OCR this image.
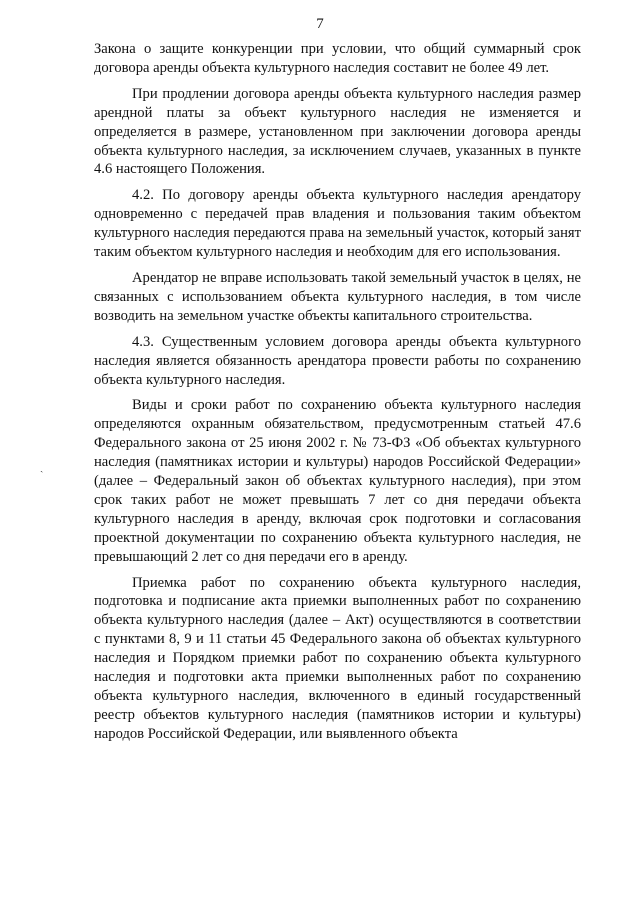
7
ˎ

Закона о защите конкуренции при условии, что общий суммарный срок договора аренды объекта культурного наследия составит не более 49 лет.

При продлении договора аренды объекта культурного наследия размер арендной платы за объект культурного наследия не изменяется и определяется в размере, установленном при заключении договора аренды объекта культурного наследия, за исключением случаев, указанных в пункте 4.6 настоящего Положения.

4.2. По договору аренды объекта культурного наследия арендатору одновременно с передачей прав владения и пользования таким объектом культурного наследия передаются права на земельный участок, который занят таким объектом культурного наследия и необходим для его использования.

Арендатор не вправе использовать такой земельный участок в целях, не связанных с использованием объекта культурного наследия, в том числе возводить на земельном участке объекты капитального строительства.

4.3. Существенным условием договора аренды объекта культурного наследия является обязанность арендатора провести работы по сохранению объекта культурного наследия.

Виды и сроки работ по сохранению объекта культурного наследия определяются охранным обязательством, предусмотренным статьей 47.6 Федерального закона от 25 июня 2002 г. № 73-ФЗ «Об объектах культурного наследия (памятниках истории и культуры) народов Российской Федерации» (далее – Федеральный закон об объектах культурного наследия), при этом срок таких работ не может превышать 7 лет со дня передачи объекта культурного наследия в аренду, включая срок подготовки и согласования проектной документации по сохранению объекта культурного наследия, не превышающий 2 лет со дня передачи его в аренду.

Приемка работ по сохранению объекта культурного наследия, подготовка и подписание акта приемки выполненных работ по сохранению объекта культурного наследия (далее – Акт) осуществляются в соответствии с пунктами 8, 9 и 11 статьи 45 Федерального закона об объектах культурного наследия и Порядком приемки работ по сохранению объекта культурного наследия и подготовки акта приемки выполненных работ по сохранению объекта культурного наследия, включенного в единый государственный реестр объектов культурного наследия (памятников истории и культуры) народов Российской Федерации, или выявленного объекта
